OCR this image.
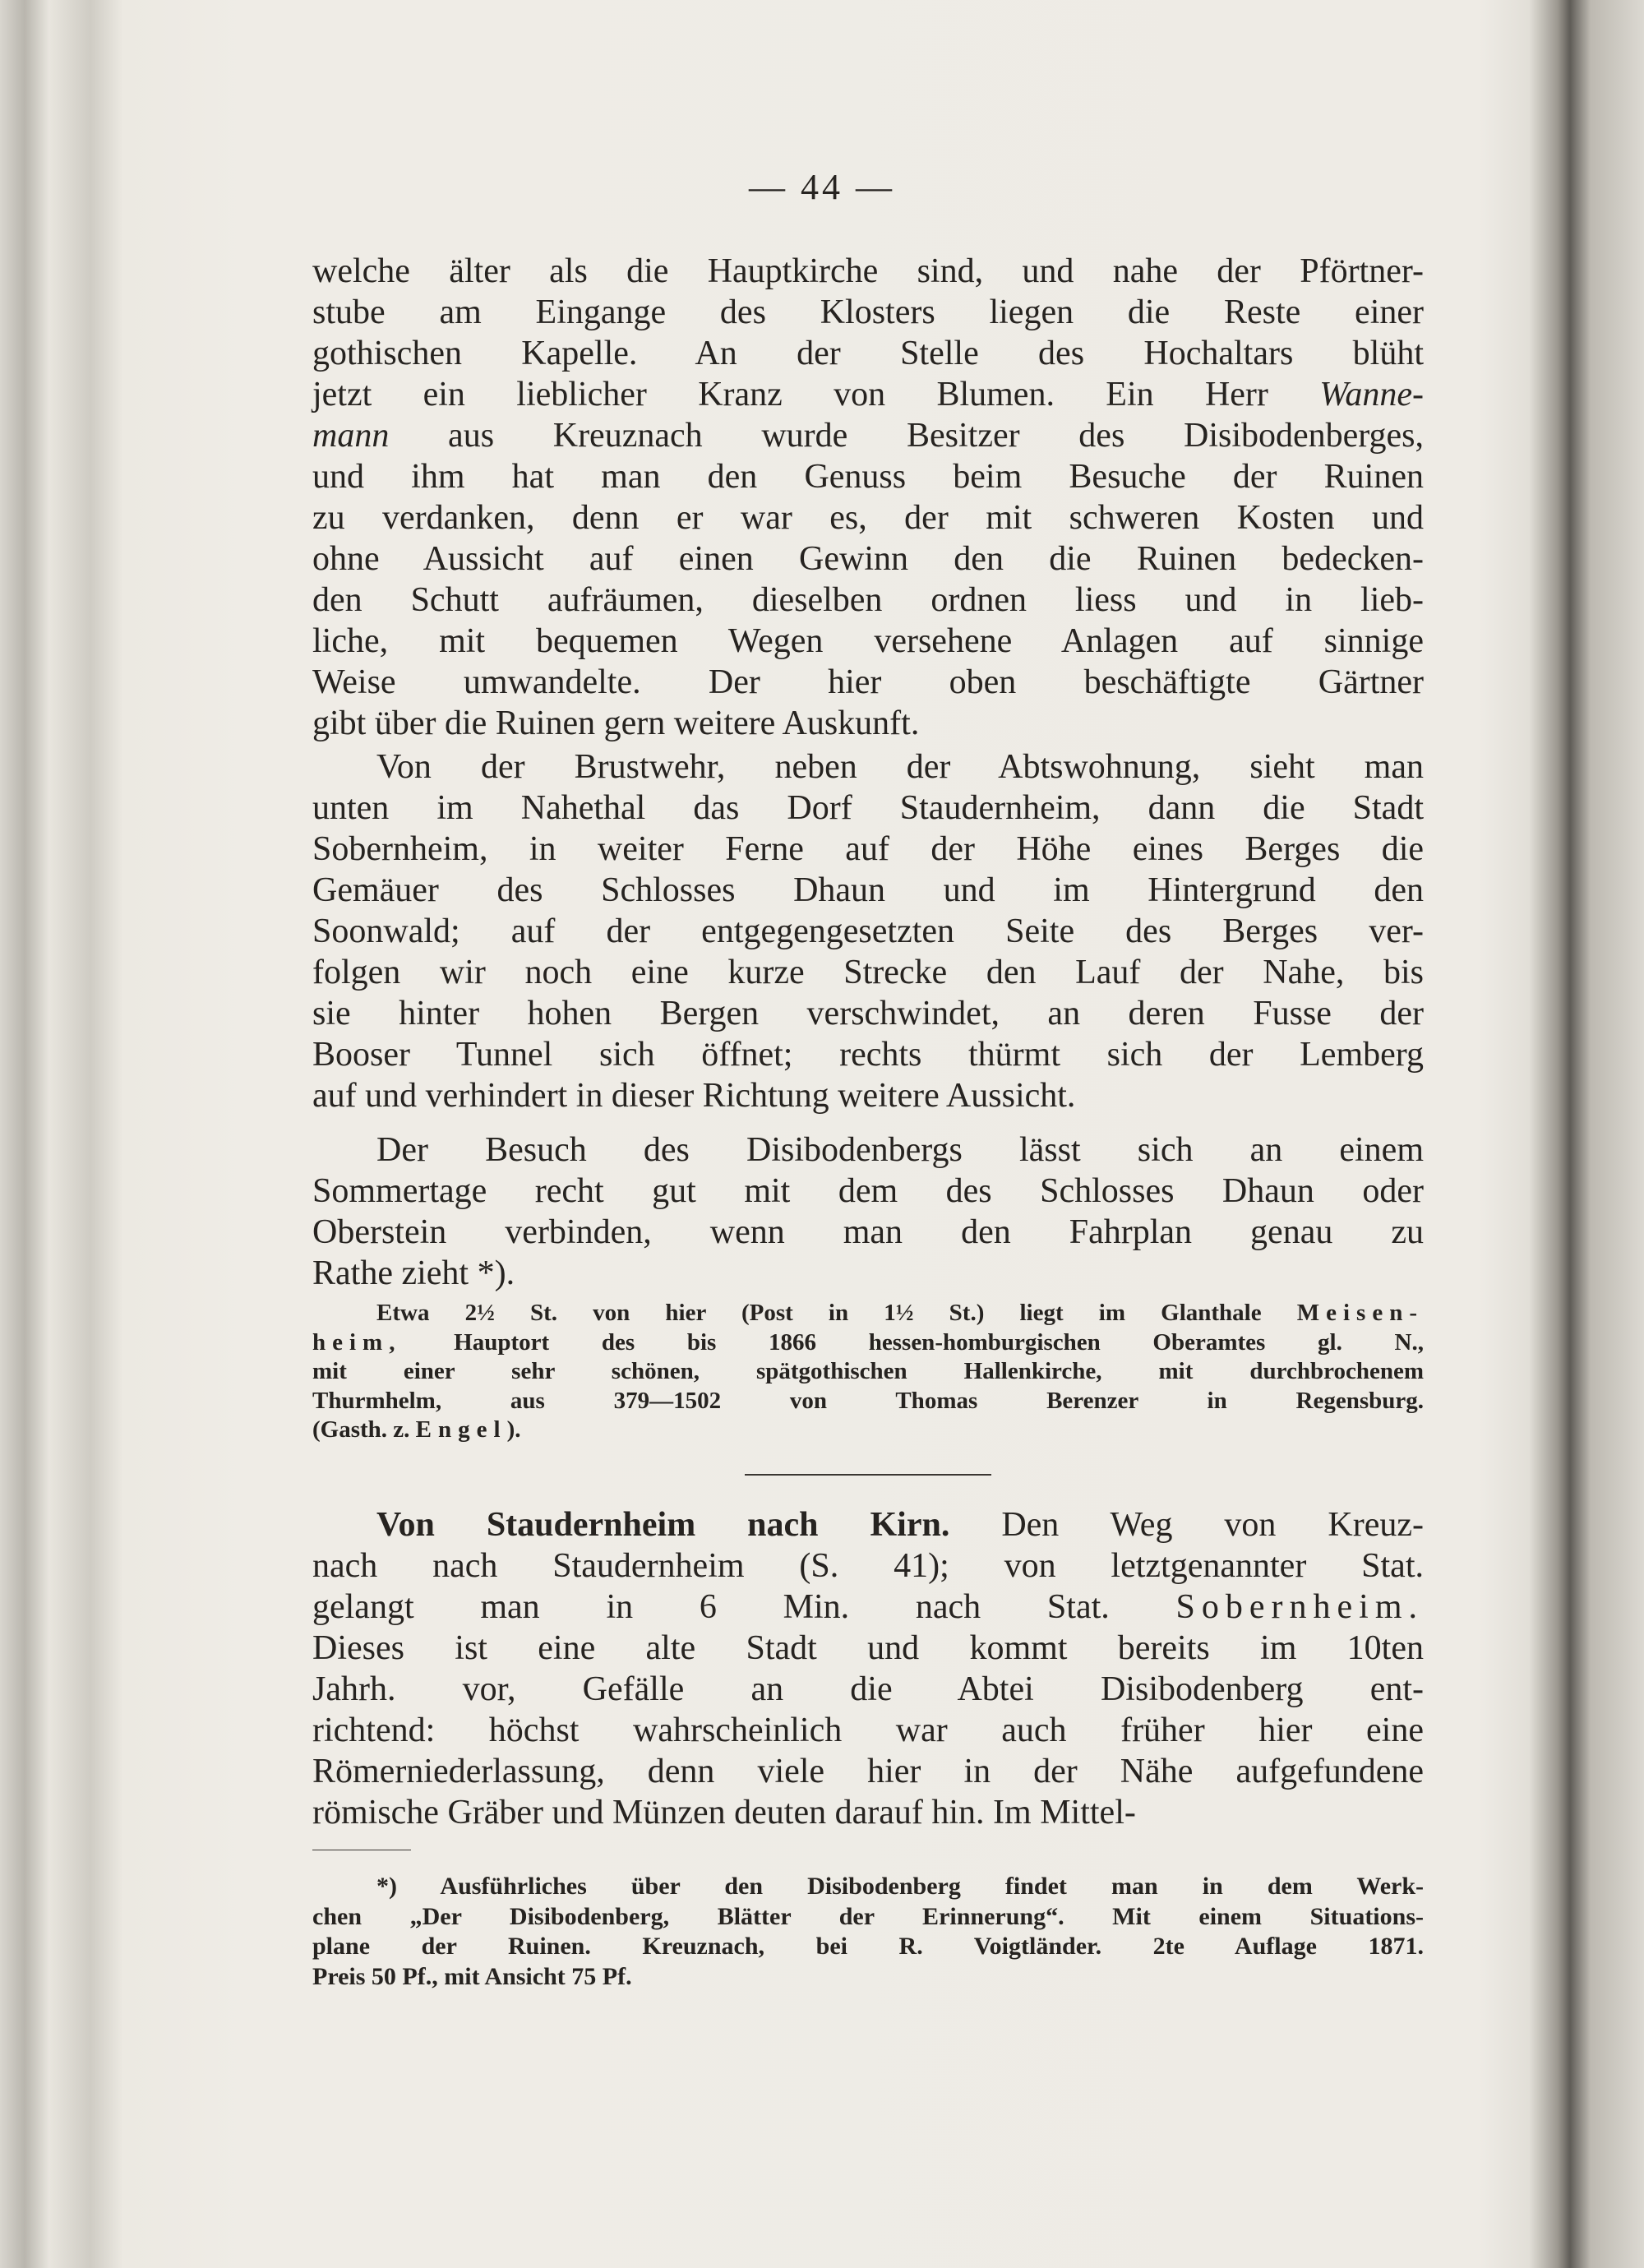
— 44 —
welche älter als die Hauptkirche sind, und nahe der Pförtner-
stube am Eingange des Klosters liegen die Reste einer
gothischen Kapelle. An der Stelle des Hochaltars blüht
jetzt ein lieblicher Kranz von Blumen. Ein Herr Wanne-
mann aus Kreuznach wurde Besitzer des Disibodenberges,
und ihm hat man den Genuss beim Besuche der Ruinen
zu verdanken, denn er war es, der mit schweren Kosten und
ohne Aussicht auf einen Gewinn den die Ruinen bedecken-
den Schutt aufräumen, dieselben ordnen liess und in lieb-
liche, mit bequemen Wegen versehene Anlagen auf sinnige
Weise umwandelte. Der hier oben beschäftigte Gärtner
gibt über die Ruinen gern weitere Auskunft.
Von der Brustwehr, neben der Abtswohnung, sieht man
unten im Nahethal das Dorf Staudernheim, dann die Stadt
Sobernheim, in weiter Ferne auf der Höhe eines Berges die
Gemäuer des Schlosses Dhaun und im Hintergrund den
Soonwald; auf der entgegengesetzten Seite des Berges ver-
folgen wir noch eine kurze Strecke den Lauf der Nahe, bis
sie hinter hohen Bergen verschwindet, an deren Fusse der
Booser Tunnel sich öffnet; rechts thürmt sich der Lemberg
auf und verhindert in dieser Richtung weitere Aussicht.
Der Besuch des Disibodenbergs lässt sich an einem
Sommertage recht gut mit dem des Schlosses Dhaun oder
Oberstein verbinden, wenn man den Fahrplan genau zu
Rathe zieht *).
Etwa 2½ St. von hier (Post in 1½ St.) liegt im Glanthale Meisen-
heim, Hauptort des bis 1866 hessen-homburgischen Oberamtes gl. N.,
mit einer sehr schönen, spätgothischen Hallenkirche, mit durchbrochenem
Thurmhelm, aus 379—1502 von Thomas Berenzer in Regensburg.
(Gasth. z. Engel).
Von Staudernheim nach Kirn. Den Weg von Kreuz-
nach nach Staudernheim (S. 41); von letztgenannter Stat.
gelangt man in 6 Min. nach Stat. Sobernheim.
Dieses ist eine alte Stadt und kommt bereits im 10ten
Jahrh. vor, Gefälle an die Abtei Disibodenberg ent-
richtend: höchst wahrscheinlich war auch früher hier eine
Römerniederlassung, denn viele hier in der Nähe aufgefundene
römische Gräber und Münzen deuten darauf hin. Im Mittel-
*) Ausführliches über den Disibodenberg findet man in dem Werk-
chen „Der Disibodenberg, Blätter der Erinnerung“. Mit einem Situations-
plane der Ruinen. Kreuznach, bei R. Voigtländer. 2te Auflage 1871.
Preis 50 Pf., mit Ansicht 75 Pf.
